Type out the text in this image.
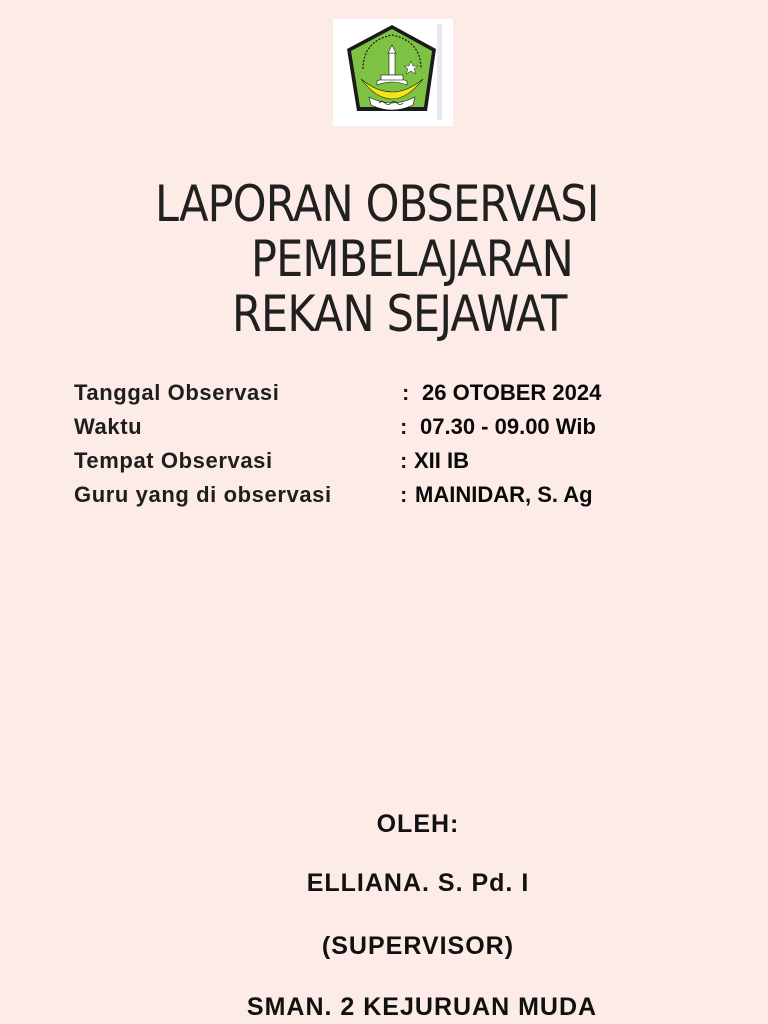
LAPORAN OBSERVASI
PEMBELAJARAN
REKAN SEJAWAT
Tanggal Observasi	: 26 OTOBER 2024
Waktu	: 07.30 - 09.00 Wib
Tempat Observasi	: XII IB
Guru yang di observasi	: MAINIDAR, S. Ag
OLEH:
ELLIANA. S. Pd. I
(SUPERVISOR)
SMAN. 2 KEJURUAN MUDA
